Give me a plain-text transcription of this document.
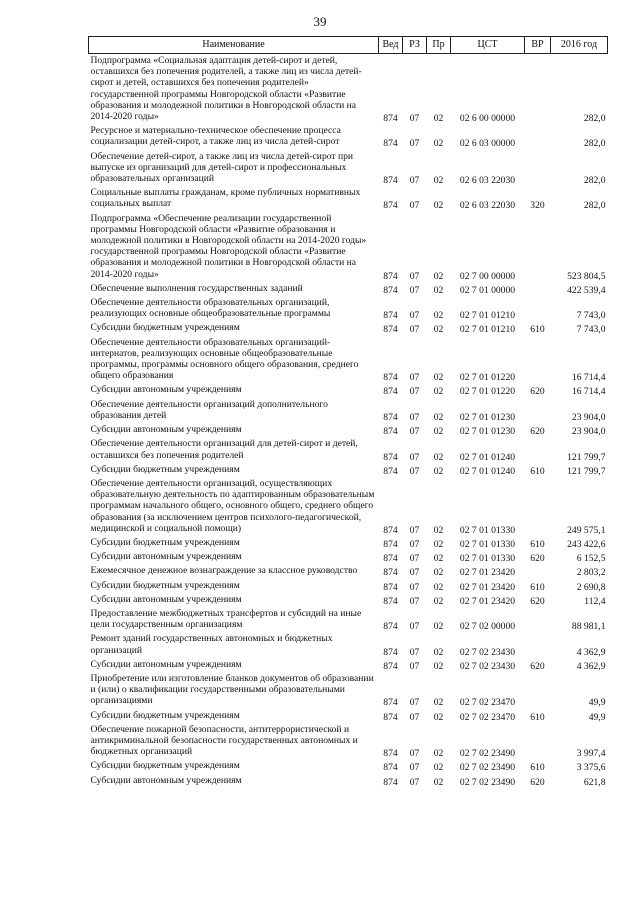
39
Наименование	Вед	РЗ	Пр	ЦСТ	ВР	2016 год
Подпрограмма «Социальная адаптация детей-сирот и детей, оставшихся без попечения родителей, а также лиц из числа детей-сирот и детей, оставшихся без попечения родителей» государственной программы Новгородской области «Развитие образования и молодежной политики в Новгородской области на 2014-2020 годы»	874	07	02	02 6 00 00000		282,0
Ресурсное и материально-техническое обеспечение процесса социализации детей-сирот, а также лиц из числа детей-сирот	874	07	02	02 6 03 00000		282,0
Обеспечение детей-сирот, а также лиц из числа детей-сирот при выпуске из организаций для детей-сирот и профессиональных образовательных организаций	874	07	02	02 6 03 22030		282,0
Социальные выплаты гражданам, кроме публичных нормативных социальных выплат	874	07	02	02 6 03 22030	320	282,0
Подпрограмма «Обеспечение реализации государственной программы Новгородской области «Развитие образования и молодежной политики в Новгородской области на 2014-2020 годы» государственной программы Новгородской области «Развитие образования и молодежной политики в Новгородской области на 2014-2020 годы»	874	07	02	02 7 00 00000		523 804,5
Обеспечение выполнения государственных заданий	874	07	02	02 7 01 00000		422 539,4
Обеспечение деятельности образовательных организаций, реализующих основные общеобразовательные программы	874	07	02	02 7 01 01210		7 743,0
Субсидии бюджетным учреждениям	874	07	02	02 7 01 01210	610	7 743,0
Обеспечение деятельности образовательных организаций-интернатов, реализующих основные общеобразовательные программы, программы основного общего образования, среднего общего образования	874	07	02	02 7 01 01220		16 714,4
Субсидии автономным учреждениям	874	07	02	02 7 01 01220	620	16 714,4
Обеспечение деятельности организаций дополнительного образования детей	874	07	02	02 7 01 01230		23 904,0
Субсидии автономным учреждениям	874	07	02	02 7 01 01230	620	23 904,0
Обеспечение деятельности организаций для детей-сирот и детей, оставшихся без попечения родителей	874	07	02	02 7 01 01240		121 799,7
Субсидии бюджетным учреждениям	874	07	02	02 7 01 01240	610	121 799,7
Обеспечение деятельности организаций, осуществляющих образовательную деятельность по адаптированным образовательным программам начального общего, основного общего, среднего общего образования (за исключением центров психолого-педагогической, медицинской и социальной помощи)	874	07	02	02 7 01 01330		249 575,1
Субсидии бюджетным учреждениям	874	07	02	02 7 01 01330	610	243 422,6
Субсидии автономным учреждениям	874	07	02	02 7 01 01330	620	6 152,5
Ежемесячное денежное вознаграждение за классное руководство	874	07	02	02 7 01 23420		2 803,2
Субсидии бюджетным учреждениям	874	07	02	02 7 01 23420	610	2 690,8
Субсидии автономным учреждениям	874	07	02	02 7 01 23420	620	112,4
Предоставление межбюджетных трансфертов и субсидий на иные цели государственным организациям	874	07	02	02 7 02 00000		88 981,1
Ремонт зданий государственных автономных и бюджетных организаций	874	07	02	02 7 02 23430		4 362,9
Субсидии автономным учреждениям	874	07	02	02 7 02 23430	620	4 362,9
Приобретение или изготовление бланков документов об образовании и (или) о квалификации государственными образовательными организациями	874	07	02	02 7 02 23470		49,9
Субсидии бюджетным учреждениям	874	07	02	02 7 02 23470	610	49,9
Обеспечение пожарной безопасности, антитеррористической и антикриминальной безопасности государственных автономных и бюджетных организаций	874	07	02	02 7 02 23490		3 997,4
Субсидии бюджетным учреждениям	874	07	02	02 7 02 23490	610	3 375,6
Субсидии автономным учреждениям	874	07	02	02 7 02 23490	620	621,8
